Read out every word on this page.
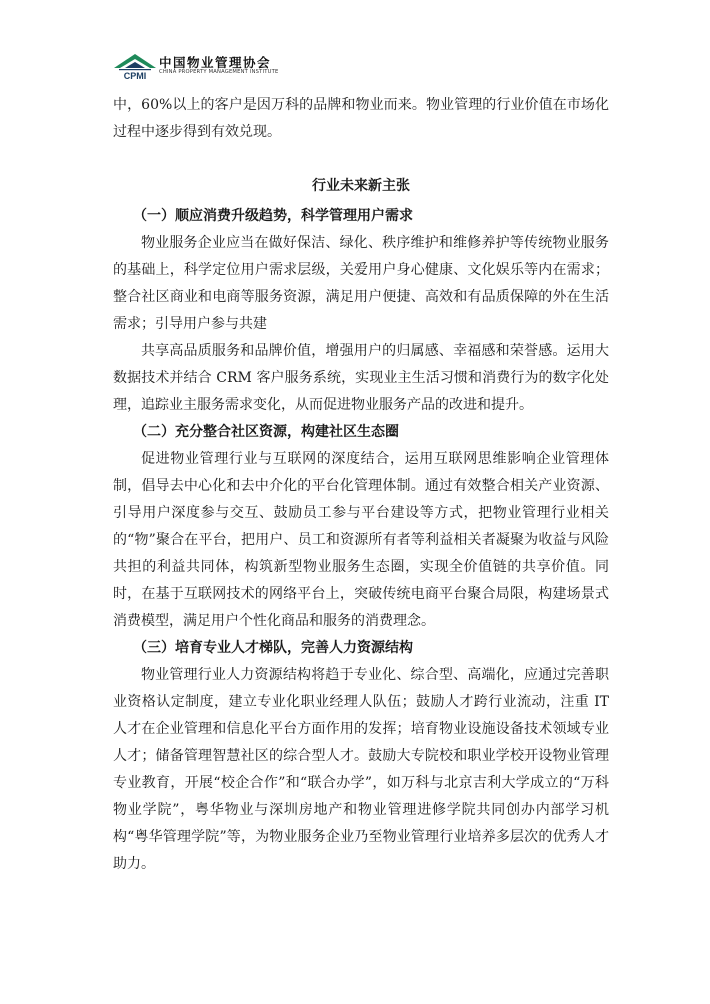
CPMI
中国物业管理协会
CHINA PROPERTY MANAGEMENT INSTITUTE

中，60%以上的客户是因万科的品牌和物业而来。物业管理的行业价值在市场化过程中逐步得到有效兑现。

行业未来新主张
（一）顺应消费升级趋势，科学管理用户需求

物业服务企业应当在做好保洁、绿化、秩序维护和维修养护等传统物业服务的基础上，科学定位用户需求层级，关爱用户身心健康、文化娱乐等内在需求；整合社区商业和电商等服务资源，满足用户便捷、高效和有品质保障的外在生活需求；引导用户参与共建

共享高品质服务和品牌价值，增强用户的归属感、幸福感和荣誉感。运用大数据技术并结合 CRM 客户服务系统，实现业主生活习惯和消费行为的数字化处理，追踪业主服务需求变化，从而促进物业服务产品的改进和提升。

（二）充分整合社区资源，构建社区生态圈

促进物业管理行业与互联网的深度结合，运用互联网思维影响企业管理体制，倡导去中心化和去中介化的平台化管理体制。通过有效整合相关产业资源、引导用户深度参与交互、鼓励员工参与平台建设等方式，把物业管理行业相关的“物”聚合在平台，把用户、员工和资源所有者等利益相关者凝聚为收益与风险共担的利益共同体，构筑新型物业服务生态圈，实现全价值链的共享价值。同时，在基于互联网技术的网络平台上，突破传统电商平台聚合局限，构建场景式消费模型，满足用户个性化商品和服务的消费理念。

（三）培育专业人才梯队，完善人力资源结构

物业管理行业人力资源结构将趋于专业化、综合型、高端化，应通过完善职业资格认定制度，建立专业化职业经理人队伍；鼓励人才跨行业流动，注重 IT 人才在企业管理和信息化平台方面作用的发挥；培育物业设施设备技术领域专业人才；储备管理智慧社区的综合型人才。鼓励大专院校和职业学校开设物业管理专业教育，开展“校企合作”和“联合办学”，如万科与北京吉利大学成立的“万科物业学院”，粤华物业与深圳房地产和物业管理进修学院共同创办内部学习机构“粤华管理学院”等，为物业服务企业乃至物业管理行业培养多层次的优秀人才助力。
